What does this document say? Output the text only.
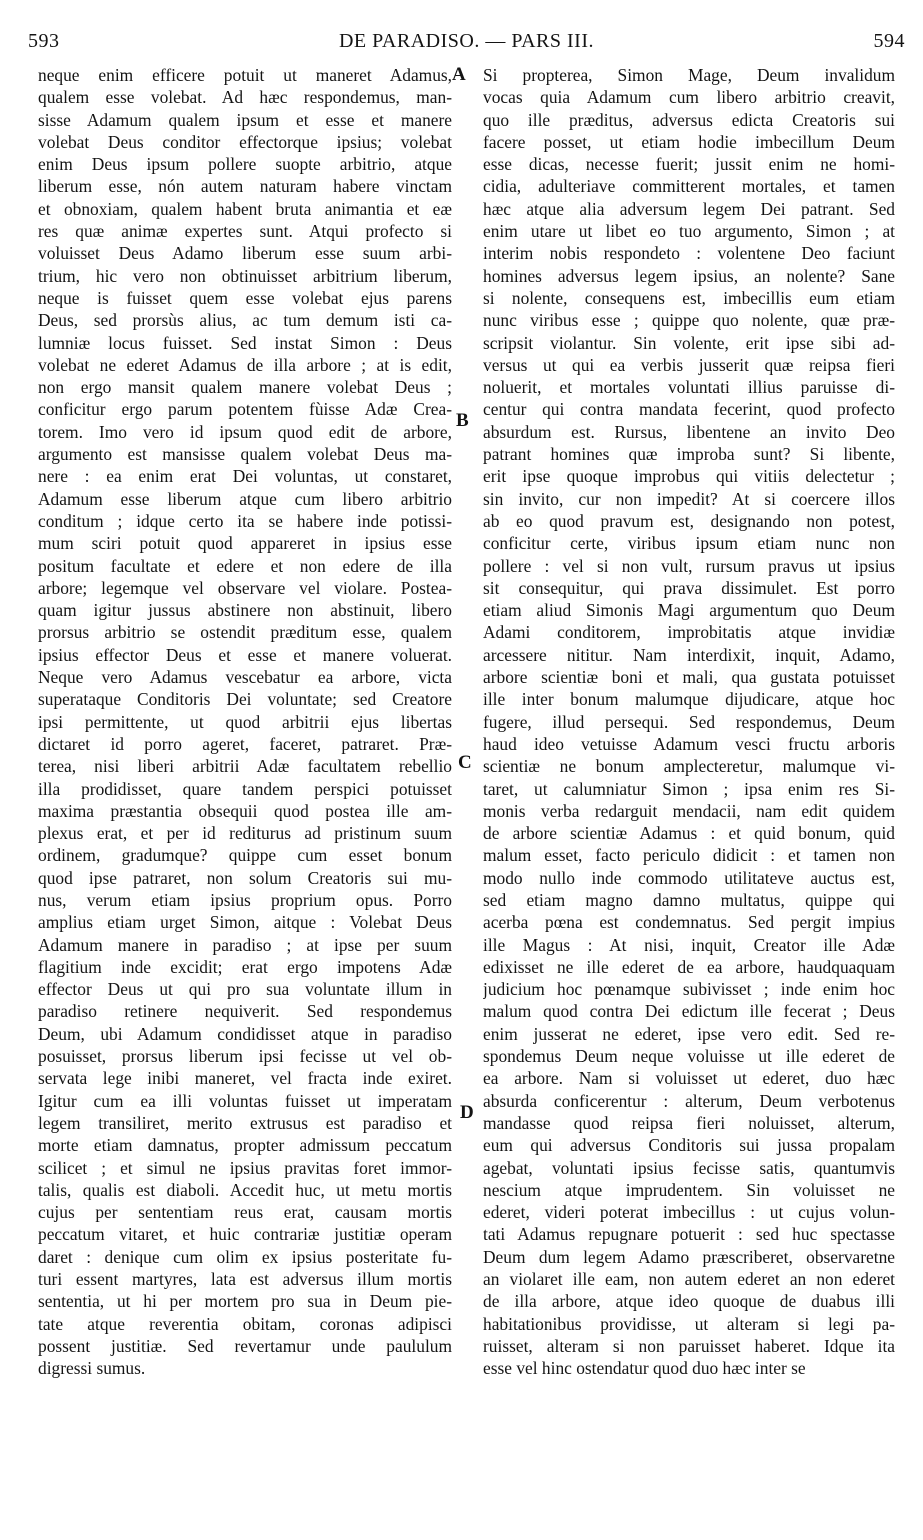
DE PARADISO. — PARS III.
593	594
neque enim efficere potuit ut maneret Adamus,
qualem esse volebat. Ad hæc respondemus, man-
sisse Adamum qualem ipsum et esse et manere
volebat Deus conditor effectorque ipsius; volebat
enim Deus ipsum pollere suopte arbitrio, atque
liberum esse, nón autem naturam habere vinctam
et obnoxiam, qualem habent bruta animantia et eæ
res quæ animæ expertes sunt. Atqui profecto si
voluisset Deus Adamo liberum esse suum arbi-
trium, hic vero non obtinuisset arbitrium liberum,
neque is fuisset quem esse volebat ejus parens
Deus, sed prorsùs alius, ac tum demum isti ca-
lumniæ locus fuisset. Sed instat Simon : Deus
volebat ne ederet Adamus de illa arbore ; at is edit,
non ergo mansit qualem manere volebat Deus ;
conficitur ergo parum potentem fùisse Adæ Crea-
torem. Imo vero id ipsum quod edit de arbore,
argumento est mansisse qualem volebat Deus ma-
nere : ea enim erat Dei voluntas, ut constaret,
Adamum esse liberum atque cum libero arbitrio
conditum ; idque certo ita se habere inde potissi-
mum sciri potuit quod appareret in ipsius esse
positum facultate et edere et non edere de illa
arbore; legemque vel observare vel violare. Postea-
quam igitur jussus abstinere non abstinuit, libero
prorsus arbitrio se ostendit præditum esse, qualem
ipsius effector Deus et esse et manere voluerat.
Neque vero Adamus vescebatur ea arbore, victa
superataque Conditoris Dei voluntate; sed Creatore
ipsi permittente, ut quod arbitrii ejus libertas
dictaret id porro ageret, faceret, patraret. Præ-
terea, nisi liberi arbitrii Adæ facultatem rebellio
illa prodidisset, quare tandem perspici potuisset
maxima præstantia obsequii quod postea ille am-
plexus erat, et per id rediturus ad pristinum suum
ordinem, gradumque? quippe cum esset bonum
quod ipse patraret, non solum Creatoris sui mu-
nus, verum etiam ipsius proprium opus. Porro
amplius etiam urget Simon, aitque : Volebat Deus
Adamum manere in paradiso ; at ipse per suum
flagitium inde excidit; erat ergo impotens Adæ
effector Deus ut qui pro sua voluntate illum in
paradiso retinere nequiverit. Sed respondemus
Deum, ubi Adamum condidisset atque in paradiso
posuisset, prorsus liberum ipsi fecisse ut vel ob-
servata lege inibi maneret, vel fracta inde exiret.
Igitur cum ea illi voluntas fuisset ut imperatam
legem transiliret, merito extrusus est paradiso et
morte etiam damnatus, propter admissum peccatum
scilicet ; et simul ne ipsius pravitas foret immor-
talis, qualis est diaboli. Accedit huc, ut metu mortis
cujus per sententiam reus erat, causam mortis
peccatum vitaret, et huic contrariæ justitiæ operam
daret : denique cum olim ex ipsius posteritate fu-
turi essent martyres, lata est adversus illum mortis
sententia, ut hi per mortem pro sua in Deum pie-
tate atque reverentia obitam, coronas adipisci
possent justitiæ. Sed revertamur unde paululum
digressi sumus.
Si propterea, Simon Mage, Deum invalidum
vocas quia Adamum cum libero arbitrio creavit,
quo ille præditus, adversus edicta Creatoris sui
facere posset, ut etiam hodie imbecillum Deum
esse dicas, necesse fuerit; jussit enim ne homi-
cidia, adulteriave committerent mortales, et tamen
hæc atque alia adversum legem Dei patrant. Sed
enim utare ut libet eo tuo argumento, Simon ; at
interim nobis respondeto : volentene Deo faciunt
homines adversus legem ipsius, an nolente? Sane
si nolente, consequens est, imbecillis eum etiam
nunc viribus esse ; quippe quo nolente, quæ præ-
scripsit violantur. Sin volente, erit ipse sibi ad-
versus ut qui ea verbis jusserit quæ reipsa fieri
noluerit, et mortales voluntati illius paruisse di-
centur qui contra mandata fecerint, quod profecto
absurdum est. Rursus, libentene an invito Deo
patrant homines quæ improba sunt? Si libente,
erit ipse quoque improbus qui vitiis delectetur ;
sin invito, cur non impedit? At si coercere illos
ab eo quod pravum est, designando non potest,
conficitur certe, viribus ipsum etiam nunc non
pollere : vel si non vult, rursum pravus ut ipsius
sit consequitur, qui prava dissimulet. Est porro
etiam aliud Simonis Magi argumentum quo Deum
Adami conditorem, improbitatis atque invidiæ
arcessere nititur. Nam interdixit, inquit, Adamo,
arbore scientiæ boni et mali, qua gustata potuisset
ille inter bonum malumque dijudicare, atque hoc
fugere, illud persequi. Sed respondemus, Deum
haud ideo vetuisse Adamum vesci fructu arboris
scientiæ ne bonum amplecteretur, malumque vi-
taret, ut calumniatur Simon ; ipsa enim res Si-
monis verba redarguit mendacii, nam edit quidem
de arbore scientiæ Adamus : et quid bonum, quid
malum esset, facto periculo didicit : et tamen non
modo nullo inde commodo utilitateve auctus est,
sed etiam magno damno multatus, quippe qui
acerba pœna est condemnatus. Sed pergit impius
ille Magus : At nisi, inquit, Creator ille Adæ
edixisset ne ille ederet de ea arbore, haudquaquam
judicium hoc pœnamque subivisset ; inde enim hoc
malum quod contra Dei edictum ille fecerat ; Deus
enim jusserat ne ederet, ipse vero edit. Sed re-
spondemus Deum neque voluisse ut ille ederet de
ea arbore. Nam si voluisset ut ederet, duo hæc
absurda conficerentur : alterum, Deum verbotenus
mandasse quod reipsa fieri noluisset, alterum,
eum qui adversus Conditoris sui jussa propalam
agebat, voluntati ipsius fecisse satis, quantumvis
nescium atque imprudentem. Sin voluisset ne
ederet, videri poterat imbecillus : ut cujus volun-
tati Adamus repugnare potuerit : sed huc spectasse
Deum dum legem Adamo præscriberet, observaretne
an violaret ille eam, non autem ederet an non ederet
de illa arbore, atque ideo quoque de duabus illi
habitationibus providisse, ut alteram si legi pa-
ruisset, alteram si non paruisset haberet. Idque ita
esse vel hinc ostendatur quod duo hæc inter se
A
B
C
D
